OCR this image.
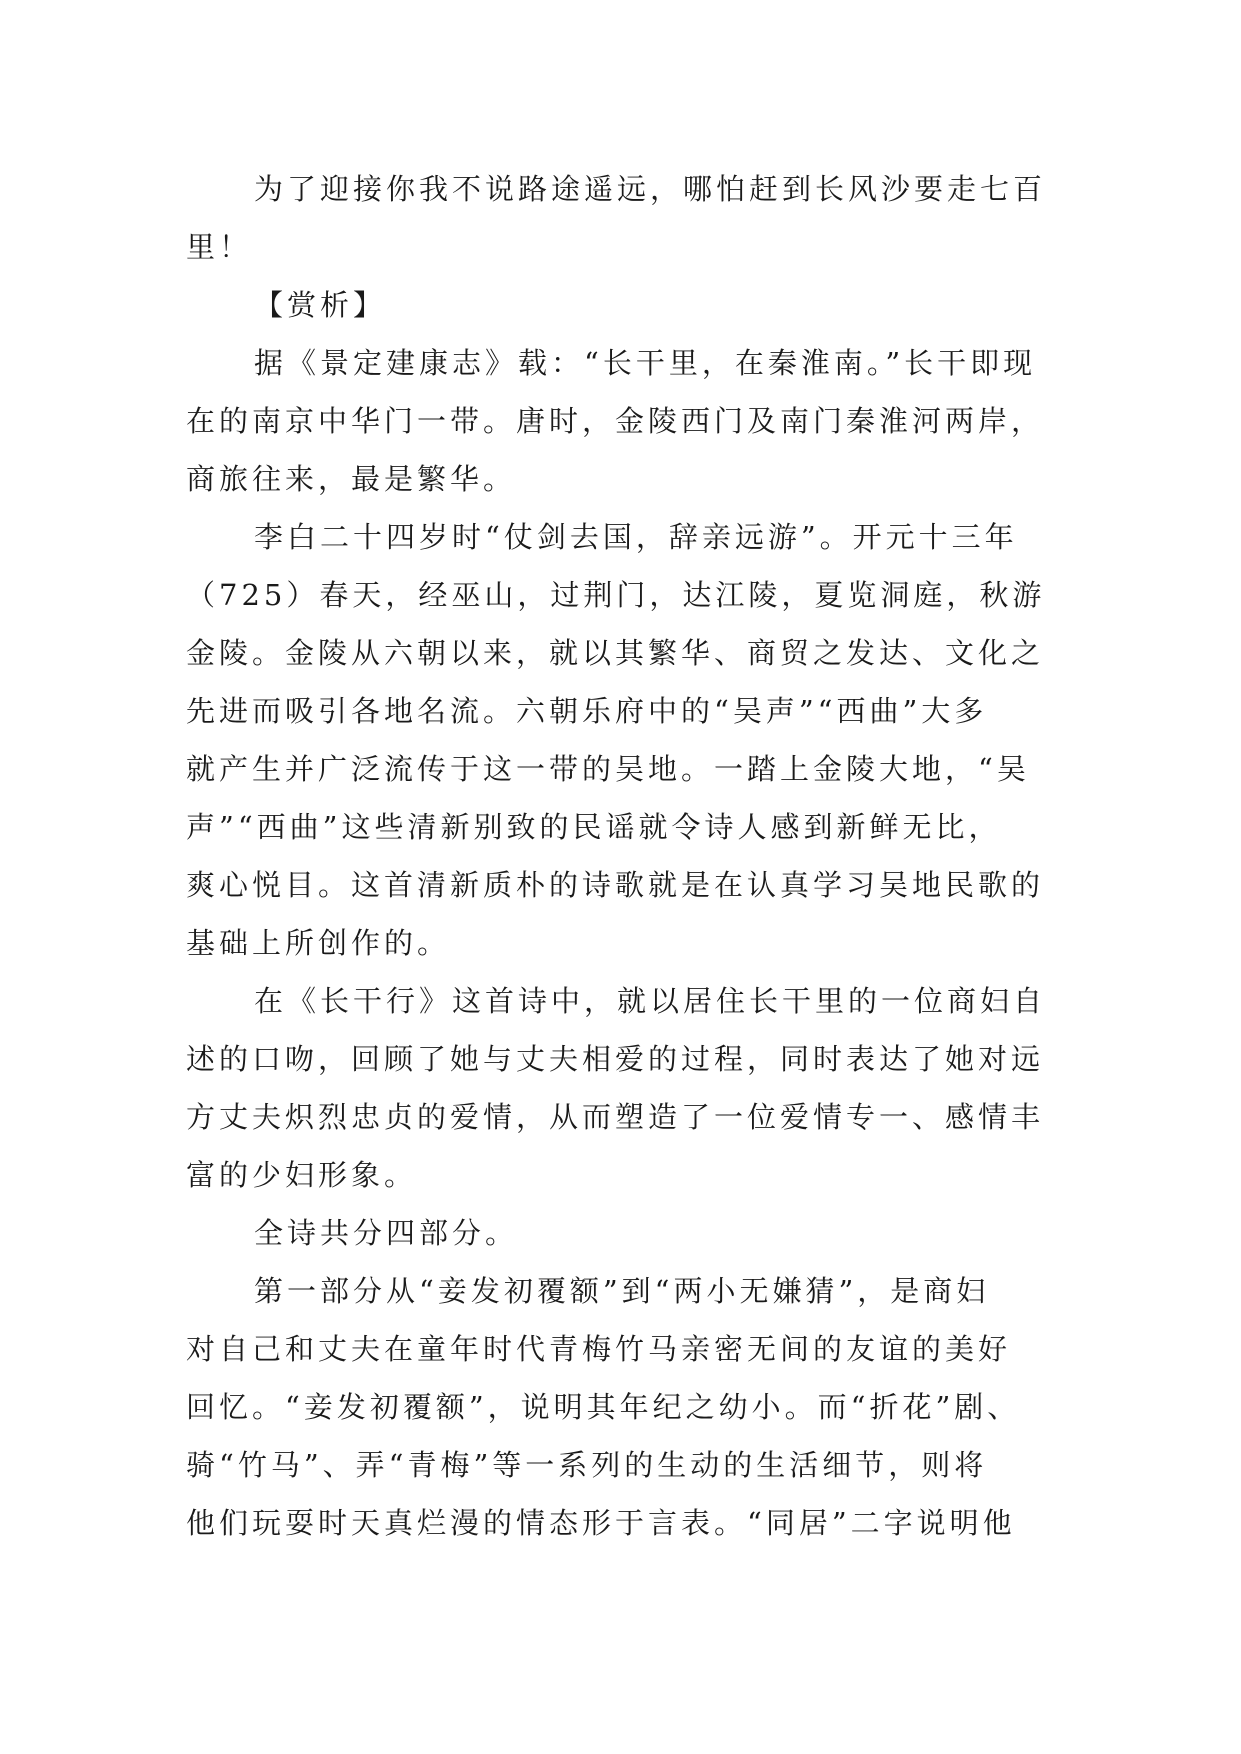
为了迎接你我不说路途遥远，哪怕赶到长风沙要走七百
里！
【赏析】
据《景定建康志》载：“长干里，在秦淮南。”长干即现
在的南京中华门一带。唐时，金陵西门及南门秦淮河两岸，
商旅往来，最是繁华。
李白二十四岁时“仗剑去国，辞亲远游”。开元十三年
（725）春天，经巫山，过荆门，达江陵，夏览洞庭，秋游
金陵。金陵从六朝以来，就以其繁华、商贸之发达、文化之
先进而吸引各地名流。六朝乐府中的“吴声”“西曲”大多
就产生并广泛流传于这一带的吴地。一踏上金陵大地，“吴
声”“西曲”这些清新别致的民谣就令诗人感到新鲜无比，
爽心悦目。这首清新质朴的诗歌就是在认真学习吴地民歌的
基础上所创作的。
在《长干行》这首诗中，就以居住长干里的一位商妇自
述的口吻，回顾了她与丈夫相爱的过程，同时表达了她对远
方丈夫炽烈忠贞的爱情，从而塑造了一位爱情专一、感情丰
富的少妇形象。
全诗共分四部分。
第一部分从“妾发初覆额”到“两小无嫌猜”，是商妇
对自己和丈夫在童年时代青梅竹马亲密无间的友谊的美好
回忆。“妾发初覆额”，说明其年纪之幼小。而“折花”剧、
骑“竹马”、弄“青梅”等一系列的生动的生活细节，则将
他们玩耍时天真烂漫的情态形于言表。“同居”二字说明他
